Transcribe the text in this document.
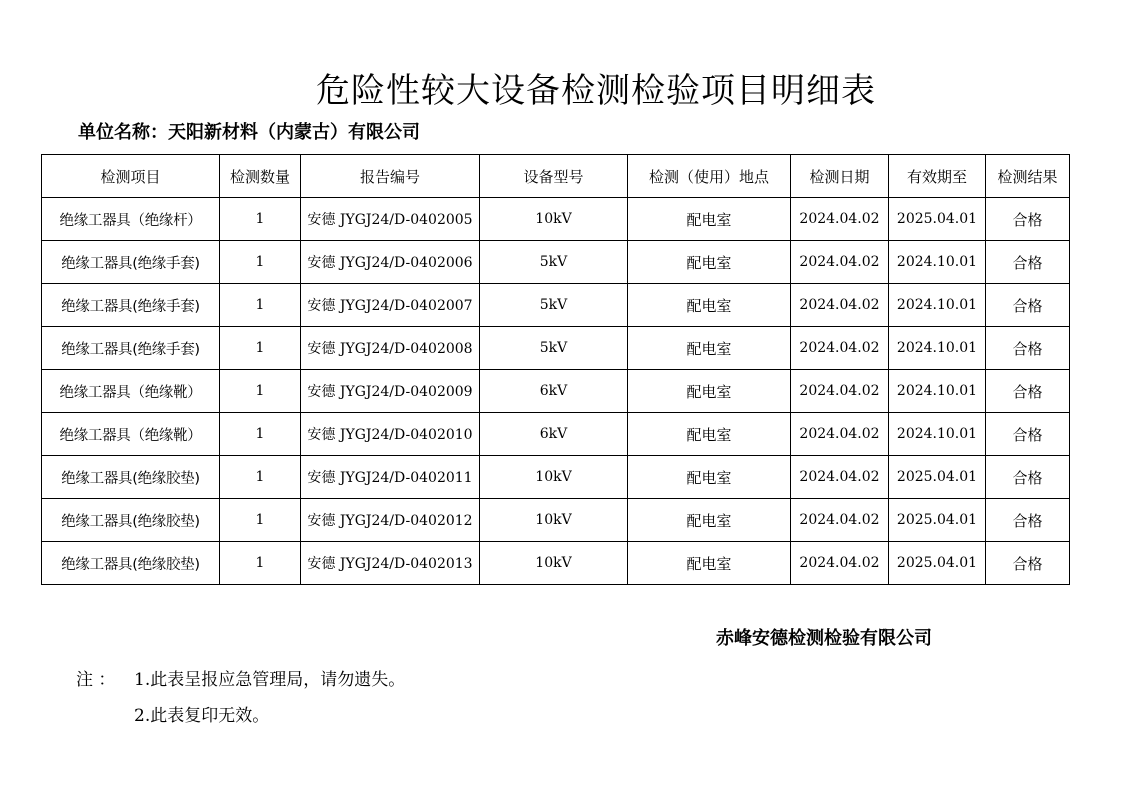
危险性较大设备检测检验项目明细表
单位名称：天阳新材料（内蒙古）有限公司
检测项目	检测数量	报告编号	设备型号	检测（使用）地点	检测日期	有效期至	检测结果
绝缘工器具（绝缘杆）	1	安德 JYGJ24/D-0402005	10kV	配电室	2024.04.02	2025.04.01	合格
绝缘工器具(绝缘手套)	1	安德 JYGJ24/D-0402006	5kV	配电室	2024.04.02	2024.10.01	合格
绝缘工器具(绝缘手套)	1	安德 JYGJ24/D-0402007	5kV	配电室	2024.04.02	2024.10.01	合格
绝缘工器具(绝缘手套)	1	安德 JYGJ24/D-0402008	5kV	配电室	2024.04.02	2024.10.01	合格
绝缘工器具（绝缘靴）	1	安德 JYGJ24/D-0402009	6kV	配电室	2024.04.02	2024.10.01	合格
绝缘工器具（绝缘靴）	1	安德 JYGJ24/D-0402010	6kV	配电室	2024.04.02	2024.10.01	合格
绝缘工器具(绝缘胶垫)	1	安德 JYGJ24/D-0402011	10kV	配电室	2024.04.02	2025.04.01	合格
绝缘工器具(绝缘胶垫)	1	安德 JYGJ24/D-0402012	10kV	配电室	2024.04.02	2025.04.01	合格
绝缘工器具(绝缘胶垫)	1	安德 JYGJ24/D-0402013	10kV	配电室	2024.04.02	2025.04.01	合格
赤峰安德检测检验有限公司
注 ：	1.此表呈报应急管理局，请勿遗失。
2.此表复印无效。
